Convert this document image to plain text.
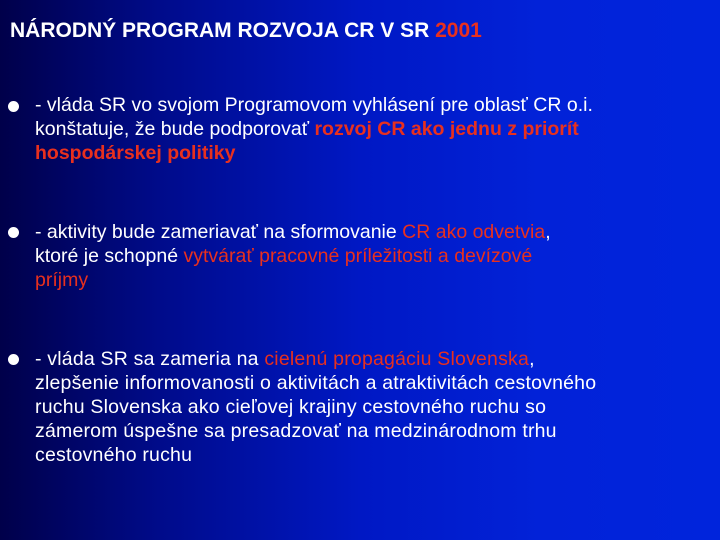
NÁRODNÝ PROGRAM ROZVOJA CR V SR 2001

- vláda SR vo svojom Programovom vyhlásení pre oblasť CR o.i.
konštatuje, že bude podporovať rozvoj CR ako jednu z priorít
hospodárskej politiky

- aktivity bude zameriavať na sformovanie CR ako odvetvia,
ktoré je schopné vytvárať pracovné príležitosti a devízové
príjmy

- vláda SR sa zameria na cielenú propagáciu Slovenska,
zlepšenie informovanosti o aktivitách a atraktivitách cestovného
ruchu Slovenska ako cieľovej krajiny cestovného ruchu so
zámerom úspešne sa presadzovať na medzinárodnom trhu
cestovného ruchu
